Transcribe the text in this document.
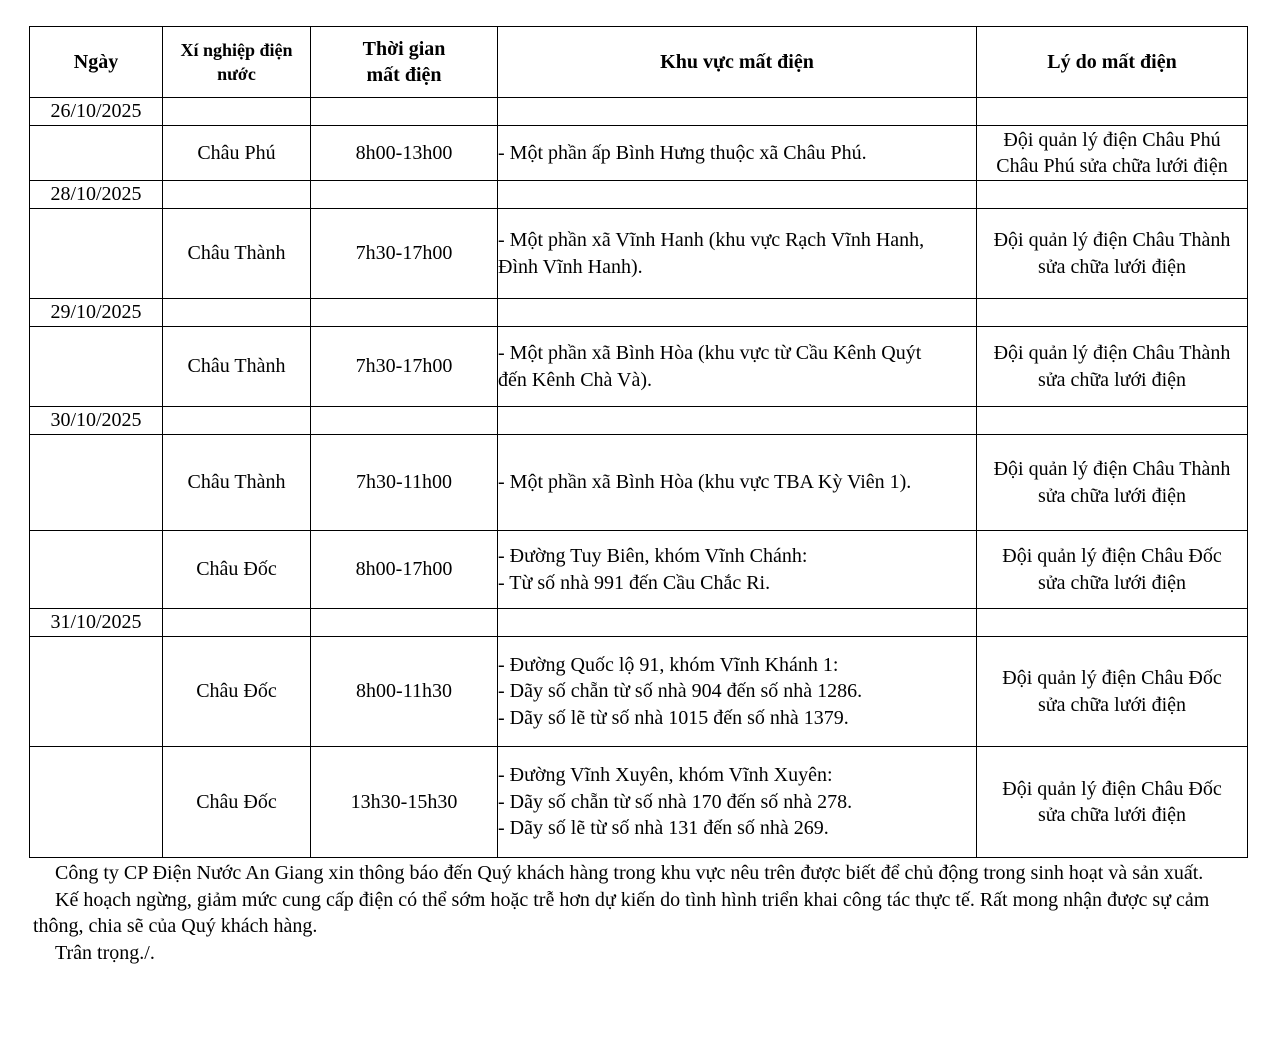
Ngày	Xí nghiệp điện nước	Thời gian mất điện	Khu vực mất điện	Lý do mất điện
26/10/2025				
	Châu Phú	8h00-13h00	- Một phần ấp Bình Hưng thuộc xã Châu Phú.	Đội quản lý điện Châu Phú
Châu Phú sửa chữa lưới điện

28/10/2025				
	Châu Thành	7h30-17h00	- Một phần xã Vĩnh Hanh (khu vực Rạch Vĩnh Hanh,
Đình Vĩnh Hanh).	Đội quản lý điện Châu Thành
sửa chữa lưới điện

29/10/2025				
	Châu Thành	7h30-17h00	- Một phần xã Bình Hòa (khu vực từ Cầu Kênh Quýt
đến Kênh Chà Và).	Đội quản lý điện Châu Thành
sửa chữa lưới điện

30/10/2025				
	Châu Thành	7h30-11h00	- Một phần xã Bình Hòa (khu vực TBA Kỳ Viên 1).	Đội quản lý điện Châu Thành
sửa chữa lưới điện

	Châu Đốc	8h00-17h00	- Đường Tuy Biên, khóm Vĩnh Chánh:
- Từ số nhà 991 đến Cầu Chắc Ri.	Đội quản lý điện Châu Đốc
sửa chữa lưới điện

31/10/2025				
	Châu Đốc	8h00-11h30	- Đường Quốc lộ 91, khóm Vĩnh Khánh 1:
- Dãy số chẵn từ số nhà 904 đến số nhà 1286.
- Dãy số lẽ từ số nhà 1015 đến số nhà 1379.	Đội quản lý điện Châu Đốc
sửa chữa lưới điện

	Châu Đốc	13h30-15h30	- Đường Vĩnh Xuyên, khóm Vĩnh Xuyên:
- Dãy số chẵn từ số nhà 170 đến số nhà 278.
- Dãy số lẽ từ số nhà 131 đến số nhà 269.	Đội quản lý điện Châu Đốc
sửa chữa lưới điện

Công ty CP Điện Nước An Giang xin thông báo đến Quý khách hàng trong khu vực nêu trên được biết để chủ động trong sinh hoạt và sản xuất.

Kế hoạch ngừng, giảm mức cung cấp điện có thể sớm hoặc trễ hơn dự kiến do tình hình triển khai công tác thực tế. Rất mong nhận được sự cảm thông, chia sẽ của Quý khách hàng.

Trân trọng./.
